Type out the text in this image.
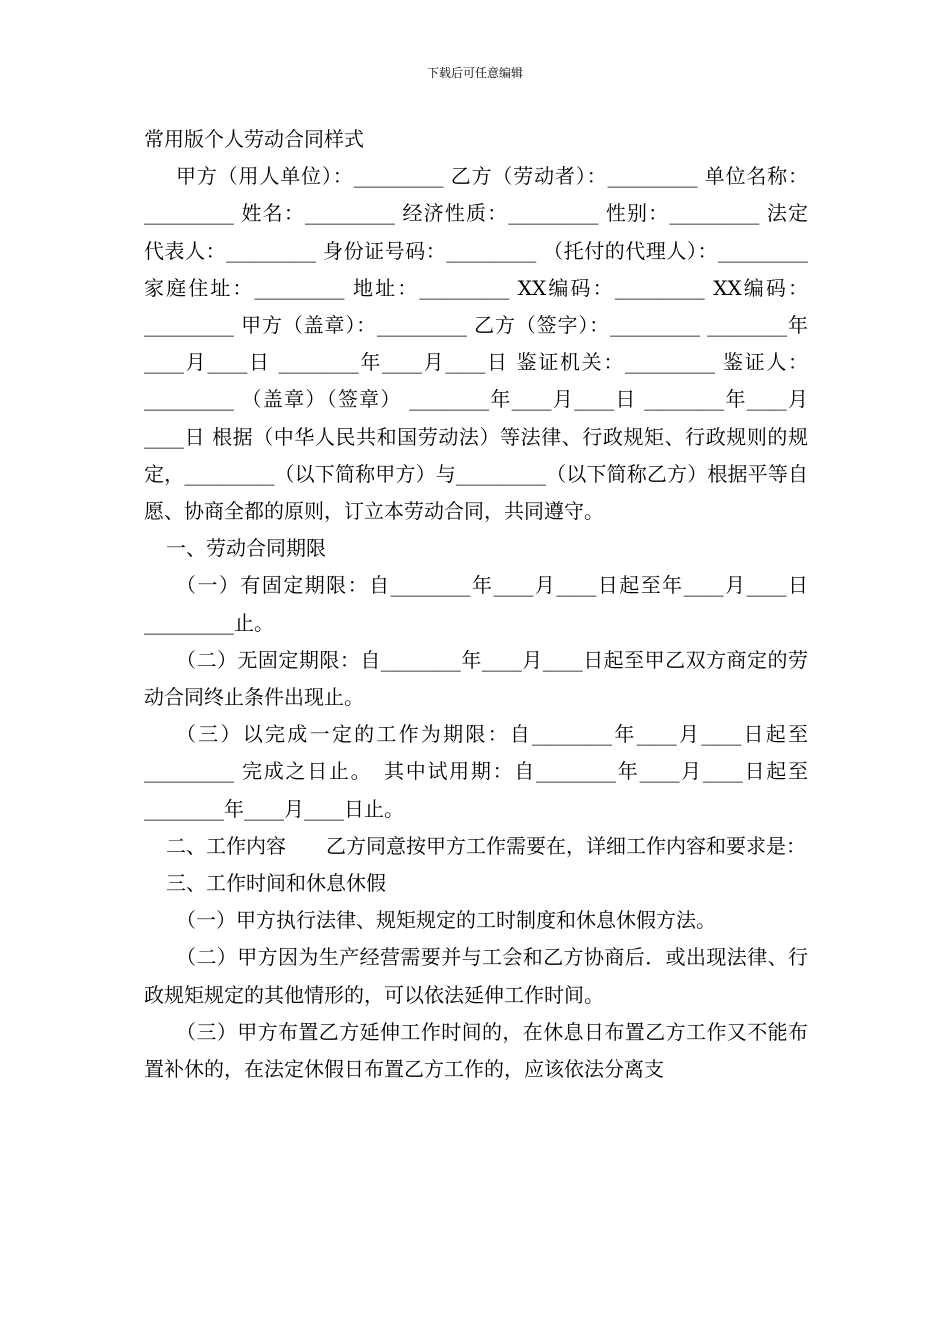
下载后可任意编辑

常用版个人劳动合同样式

甲方（用人单位）：_________ 乙方（劳动者）：_________ 单位名称：_________ 姓名：_________ 经济性质：_________ 性别：_________ 法定代表人：_________ 身份证号码：_________ （托付的代理人）：_________ 家庭住址：_________ 地址：_________ XX编码：_________ XX编码：_________ 甲方（盖章）：_________ 乙方（签字）：_________ ________年____月____日 ________年____月____日 鉴证机关：_________ 鉴证人：_________ （盖章）（签章） ________年____月____日 ________年____月____日 根据（中华人民共和国劳动法）等法律、行政规矩、行政规则的规定，_________（以下简称甲方）与_________（以下简称乙方）根据平等自愿、协商全都的原则，订立本劳动合同，共同遵守。

一、劳动合同期限

（一）有固定期限：自________年____月____日起至年____月____日_________止。

（二）无固定期限：自________年____月____日起至甲乙双方商定的劳动合同终止条件出现止。

（三）以完成一定的工作为期限：自________年____月____日起至_________ 完成之日止。　其中试用期：自________年____月____日起至________年____月____日止。

二、工作内容　　乙方同意按甲方工作需要在，详细工作内容和要求是：

三、工作时间和休息休假

（一）甲方执行法律、规矩规定的工时制度和休息休假方法。

（二）甲方因为生产经营需要并与工会和乙方协商后．或出现法律、行政规矩规定的其他情形的，可以依法延伸工作时间。

（三）甲方布置乙方延伸工作时间的，在休息日布置乙方工作又不能布置补休的，在法定休假日布置乙方工作的，应该依法分离支
